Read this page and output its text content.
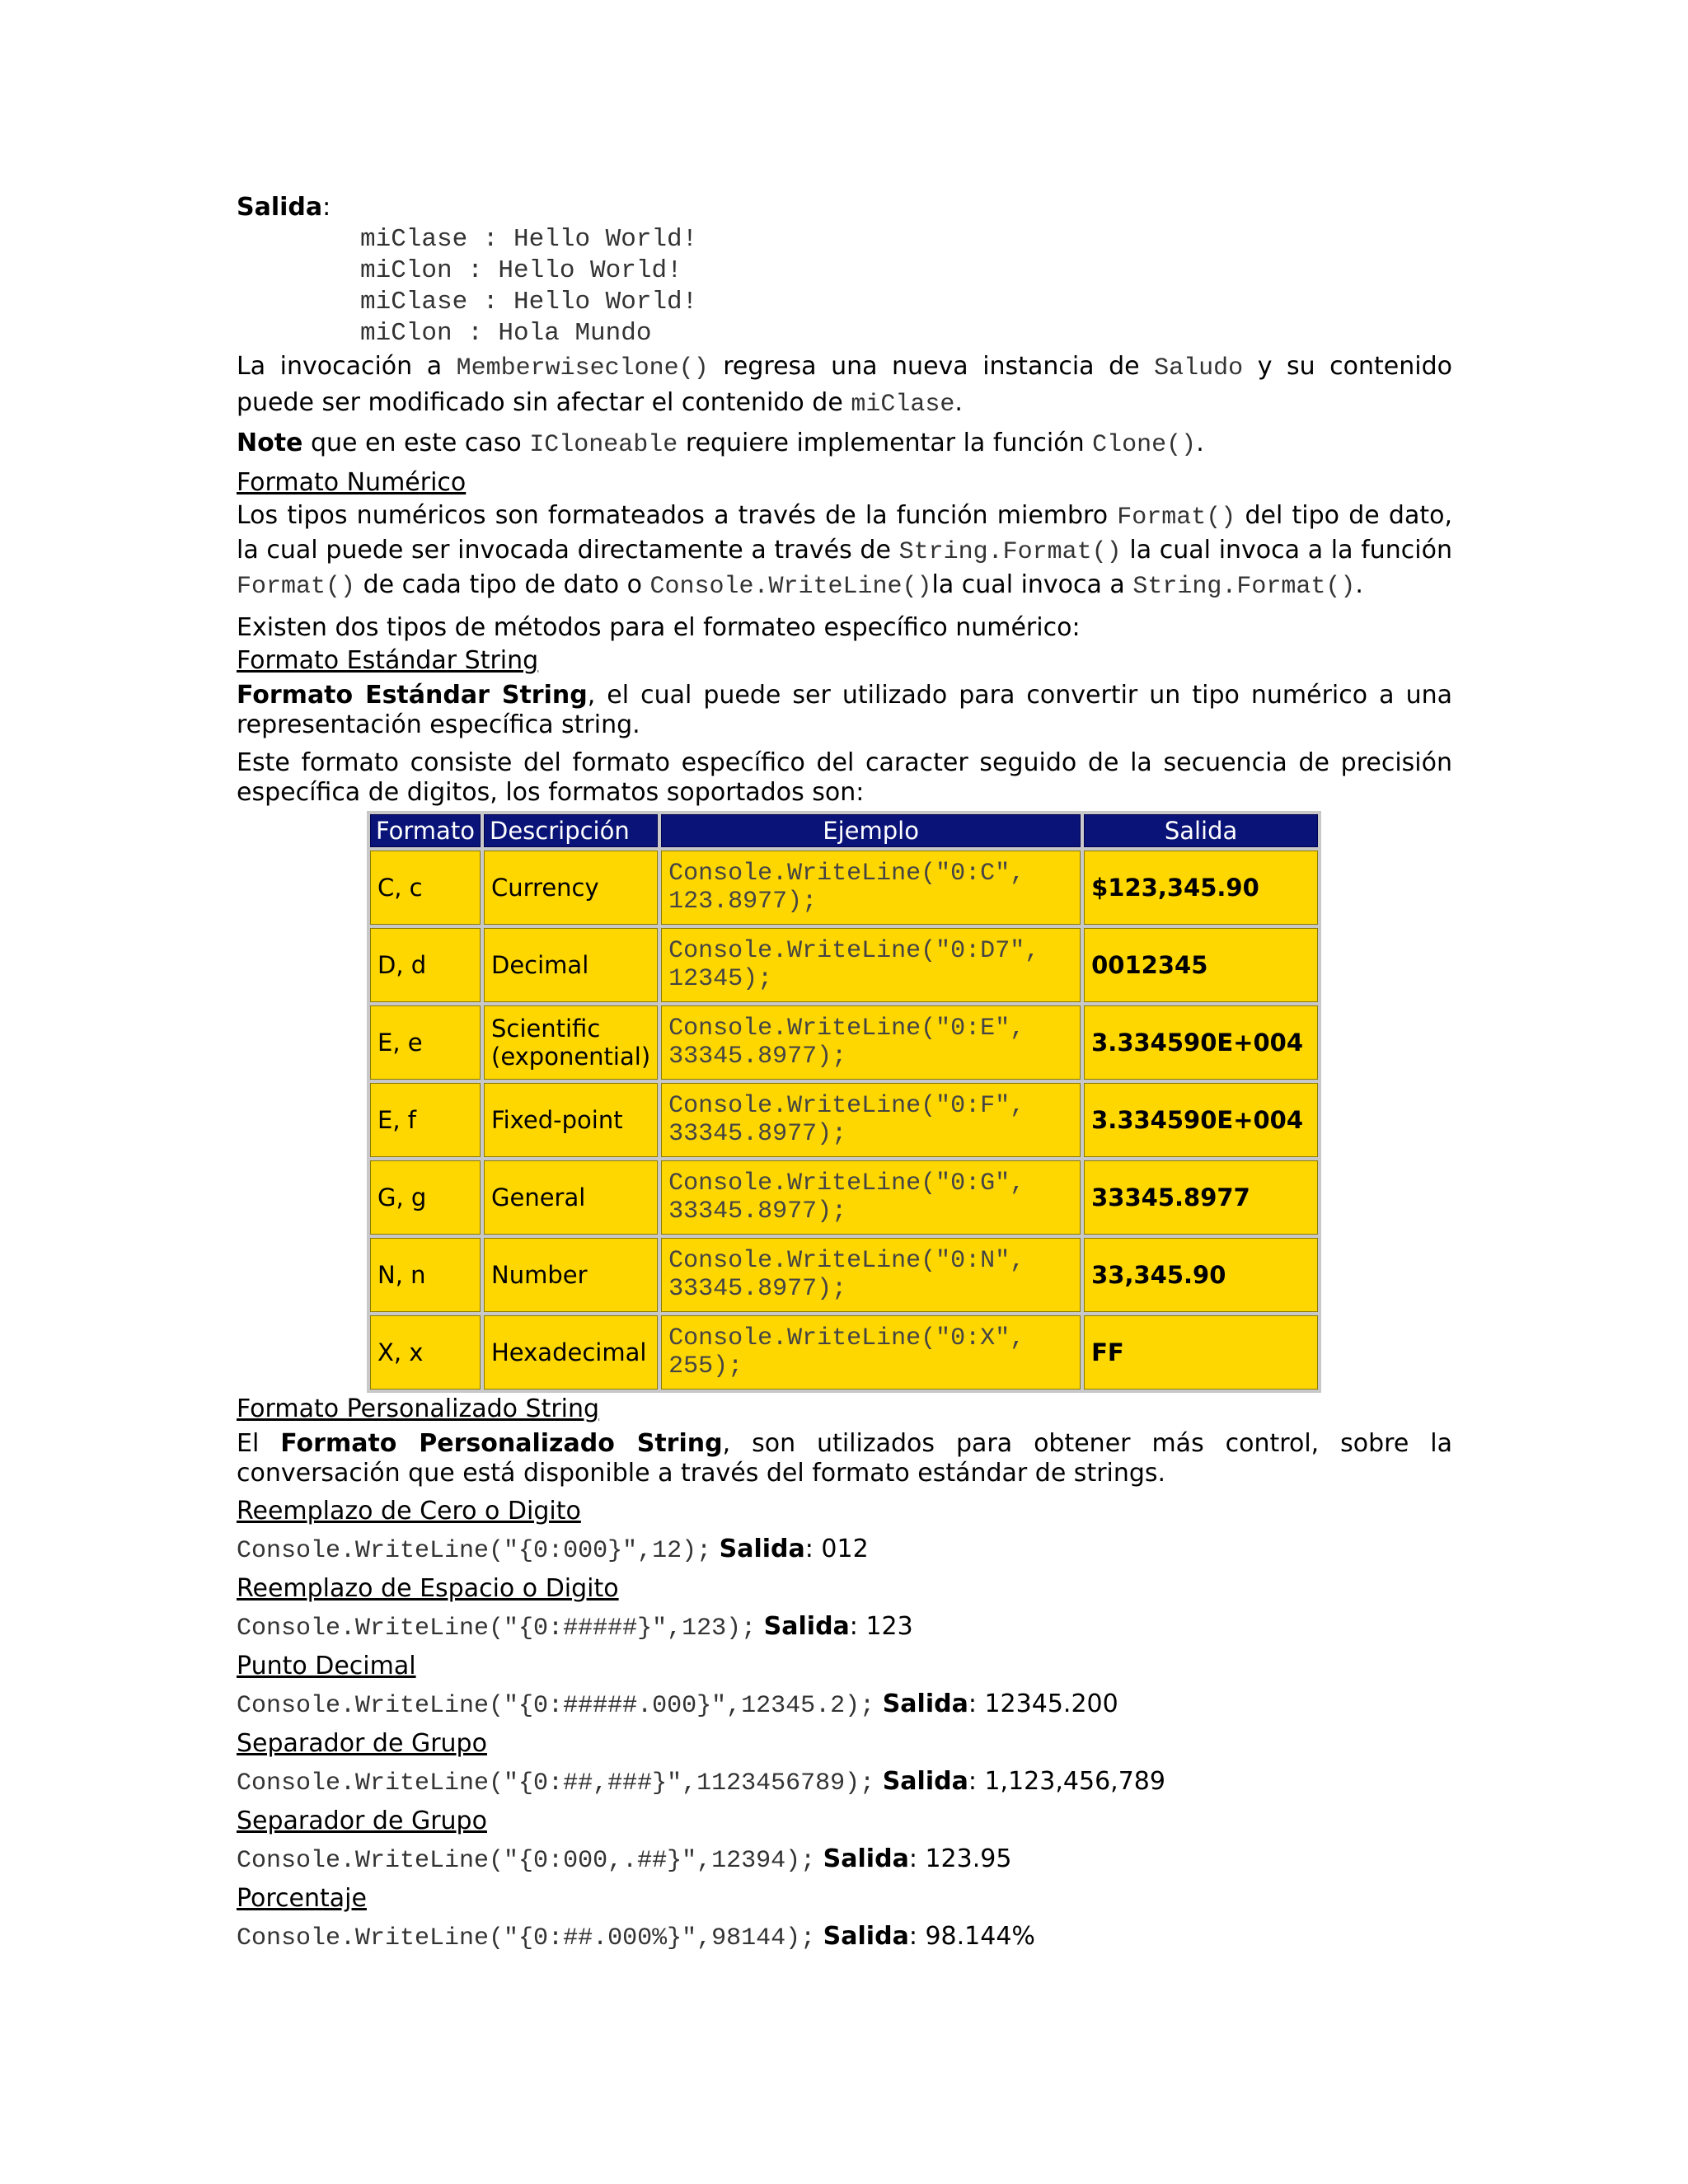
Salida:

miClase : Hello World!
miClon : Hello World!
miClase : Hello World!
miClon : Hola Mundo

La invocación a Memberwiseclone() regresa una nueva instancia de Saludo y su contenido puede ser modificado sin afectar el contenido de miClase.

Note que en este caso ICloneable requiere implementar la función Clone().

Formato Numérico

Los tipos numéricos son formateados a través de la función miembro Format() del tipo de dato, la cual puede ser invocada directamente a través de String.Format() la cual invoca a la función Format() de cada tipo de dato o Console.WriteLine()la cual invoca a String.Format().

Existen dos tipos de métodos para el formateo específico numérico:

Formato Estándar String

Formato Estándar String, el cual puede ser utilizado para convertir un tipo numérico a una representación específica string.

Este formato consiste del formato específico del caracter seguido de la secuencia de precisión específica de digitos, los formatos soportados son:

Formato	Descripción	Ejemplo	Salida
C, c	Currency	Console.WriteLine("0:C", 123.8977);	$123,345.90
D, d	Decimal	Console.WriteLine("0:D7", 12345);	0012345
E, e	Scientific (exponential)	Console.WriteLine("0:E", 33345.8977);	3.334590E+004
E, f	Fixed-point	Console.WriteLine("0:F", 33345.8977);	3.334590E+004
G, g	General	Console.WriteLine("0:G", 33345.8977);	33345.8977
N, n	Number	Console.WriteLine("0:N", 33345.8977);	33,345.90
X, x	Hexadecimal	Console.WriteLine("0:X", 255);	FF

Formato Personalizado String

El Formato Personalizado String, son utilizados para obtener más control, sobre la conversación que está disponible a través del formato estándar de strings.

Reemplazo de Cero o Digito

Console.WriteLine("{0:000}",12); Salida: 012

Reemplazo de Espacio o Digito

Console.WriteLine("{0:#####}",123); Salida: 123

Punto Decimal

Console.WriteLine("{0:#####.000}",12345.2); Salida: 12345.200

Separador de Grupo

Console.WriteLine("{0:##,###}",1123456789); Salida: 1,123,456,789

Separador de Grupo

Console.WriteLine("{0:000,.##}",12394); Salida: 123.95

Porcentaje

Console.WriteLine("{0:##.000%}",98144); Salida: 98.144%
